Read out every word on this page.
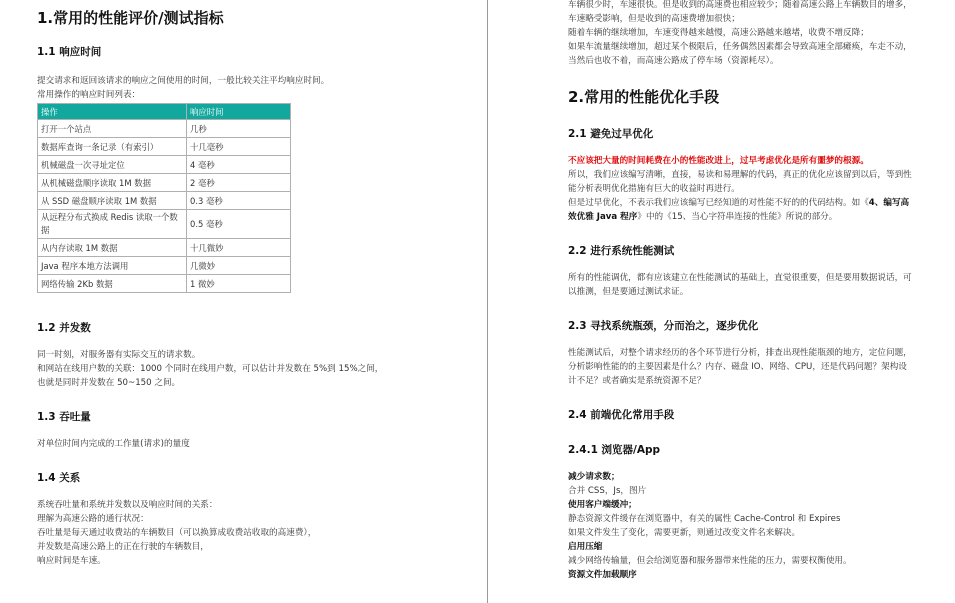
1.常用的性能评价/测试指标
1.1 响应时间
提交请求和返回该请求的响应之间使用的时间，一般比较关注平均响应时间。
常用操作的响应时间列表：
操作	响应时间
打开一个站点	几秒
数据库查询一条记录（有索引）	十几毫秒
机械磁盘一次寻址定位	4 毫秒
从机械磁盘顺序读取 1M 数据	2 毫秒
从 SSD 磁盘顺序读取 1M 数据	0.3 毫秒
从远程分布式换成 Redis 读取一个数据	0.5 毫秒
从内存读取 1M 数据	十几微妙
Java 程序本地方法调用	几微妙
网络传输 2Kb 数据	1 微妙
1.2 并发数
同一时刻，对服务器有实际交互的请求数。
和网站在线用户数的关联：1000 个同时在线用户数，可以估计并发数在 5%到 15%之间，
也就是同时并发数在 50~150 之间。
1.3 吞吐量
对单位时间内完成的工作量(请求)的量度
1.4 关系
系统吞吐量和系统并发数以及响应时间的关系：
理解为高速公路的通行状况：
吞吐量是每天通过收费站的车辆数目（可以换算成收费站收取的高速费），
并发数是高速公路上的正在行驶的车辆数目，
响应时间是车速。
车辆很少时，车速很快。但是收到的高速费也相应较少；随着高速公路上车辆数目的增多，
车速略受影响，但是收到的高速费增加很快；
随着车辆的继续增加，车速变得越来越慢，高速公路越来越堵，收费不增反降；
如果车流量继续增加，超过某个极限后，任务偶然因素都会导致高速全部瘫痪，车走不动，
当然后也收不着，而高速公路成了停车场（资源耗尽）。
2.常用的性能优化手段
2.1 避免过早优化
不应该把大量的时间耗费在小的性能改进上，过早考虑优化是所有噩梦的根源。
所以，我们应该编写清晰，直接，易读和易理解的代码，真正的优化应该留到以后，等到性
能分析表明优化措施有巨大的收益时再进行。
但是过早优化，不表示我们应该编写已经知道的对性能不好的的代码结构。如《4、编写高
效优雅 Java 程序》中的《15、当心字符串连接的性能》所说的部分。
2.2 进行系统性能测试
所有的性能调优，都有应该建立在性能测试的基础上，直觉很重要，但是要用数据说话，可
以推测，但是要通过测试求证。
2.3 寻找系统瓶颈，分而治之，逐步优化
性能测试后，对整个请求经历的各个环节进行分析，排查出现性能瓶颈的地方，定位问题，
分析影响性能的的主要因素是什么？内存、磁盘 IO、网络、CPU，还是代码问题？架构设
计不足？或者确实是系统资源不足？
2.4 前端优化常用手段
2.4.1 浏览器/App
减少请求数；
合并 CSS，Js，图片
使用客户端缓冲；
静态资源文件缓存在浏览器中，有关的属性 Cache-Control 和 Expires
如果文件发生了变化，需要更新，则通过改变文件名来解决。
启用压缩
减少网络传输量，但会给浏览器和服务器带来性能的压力，需要权衡使用。
资源文件加载顺序
